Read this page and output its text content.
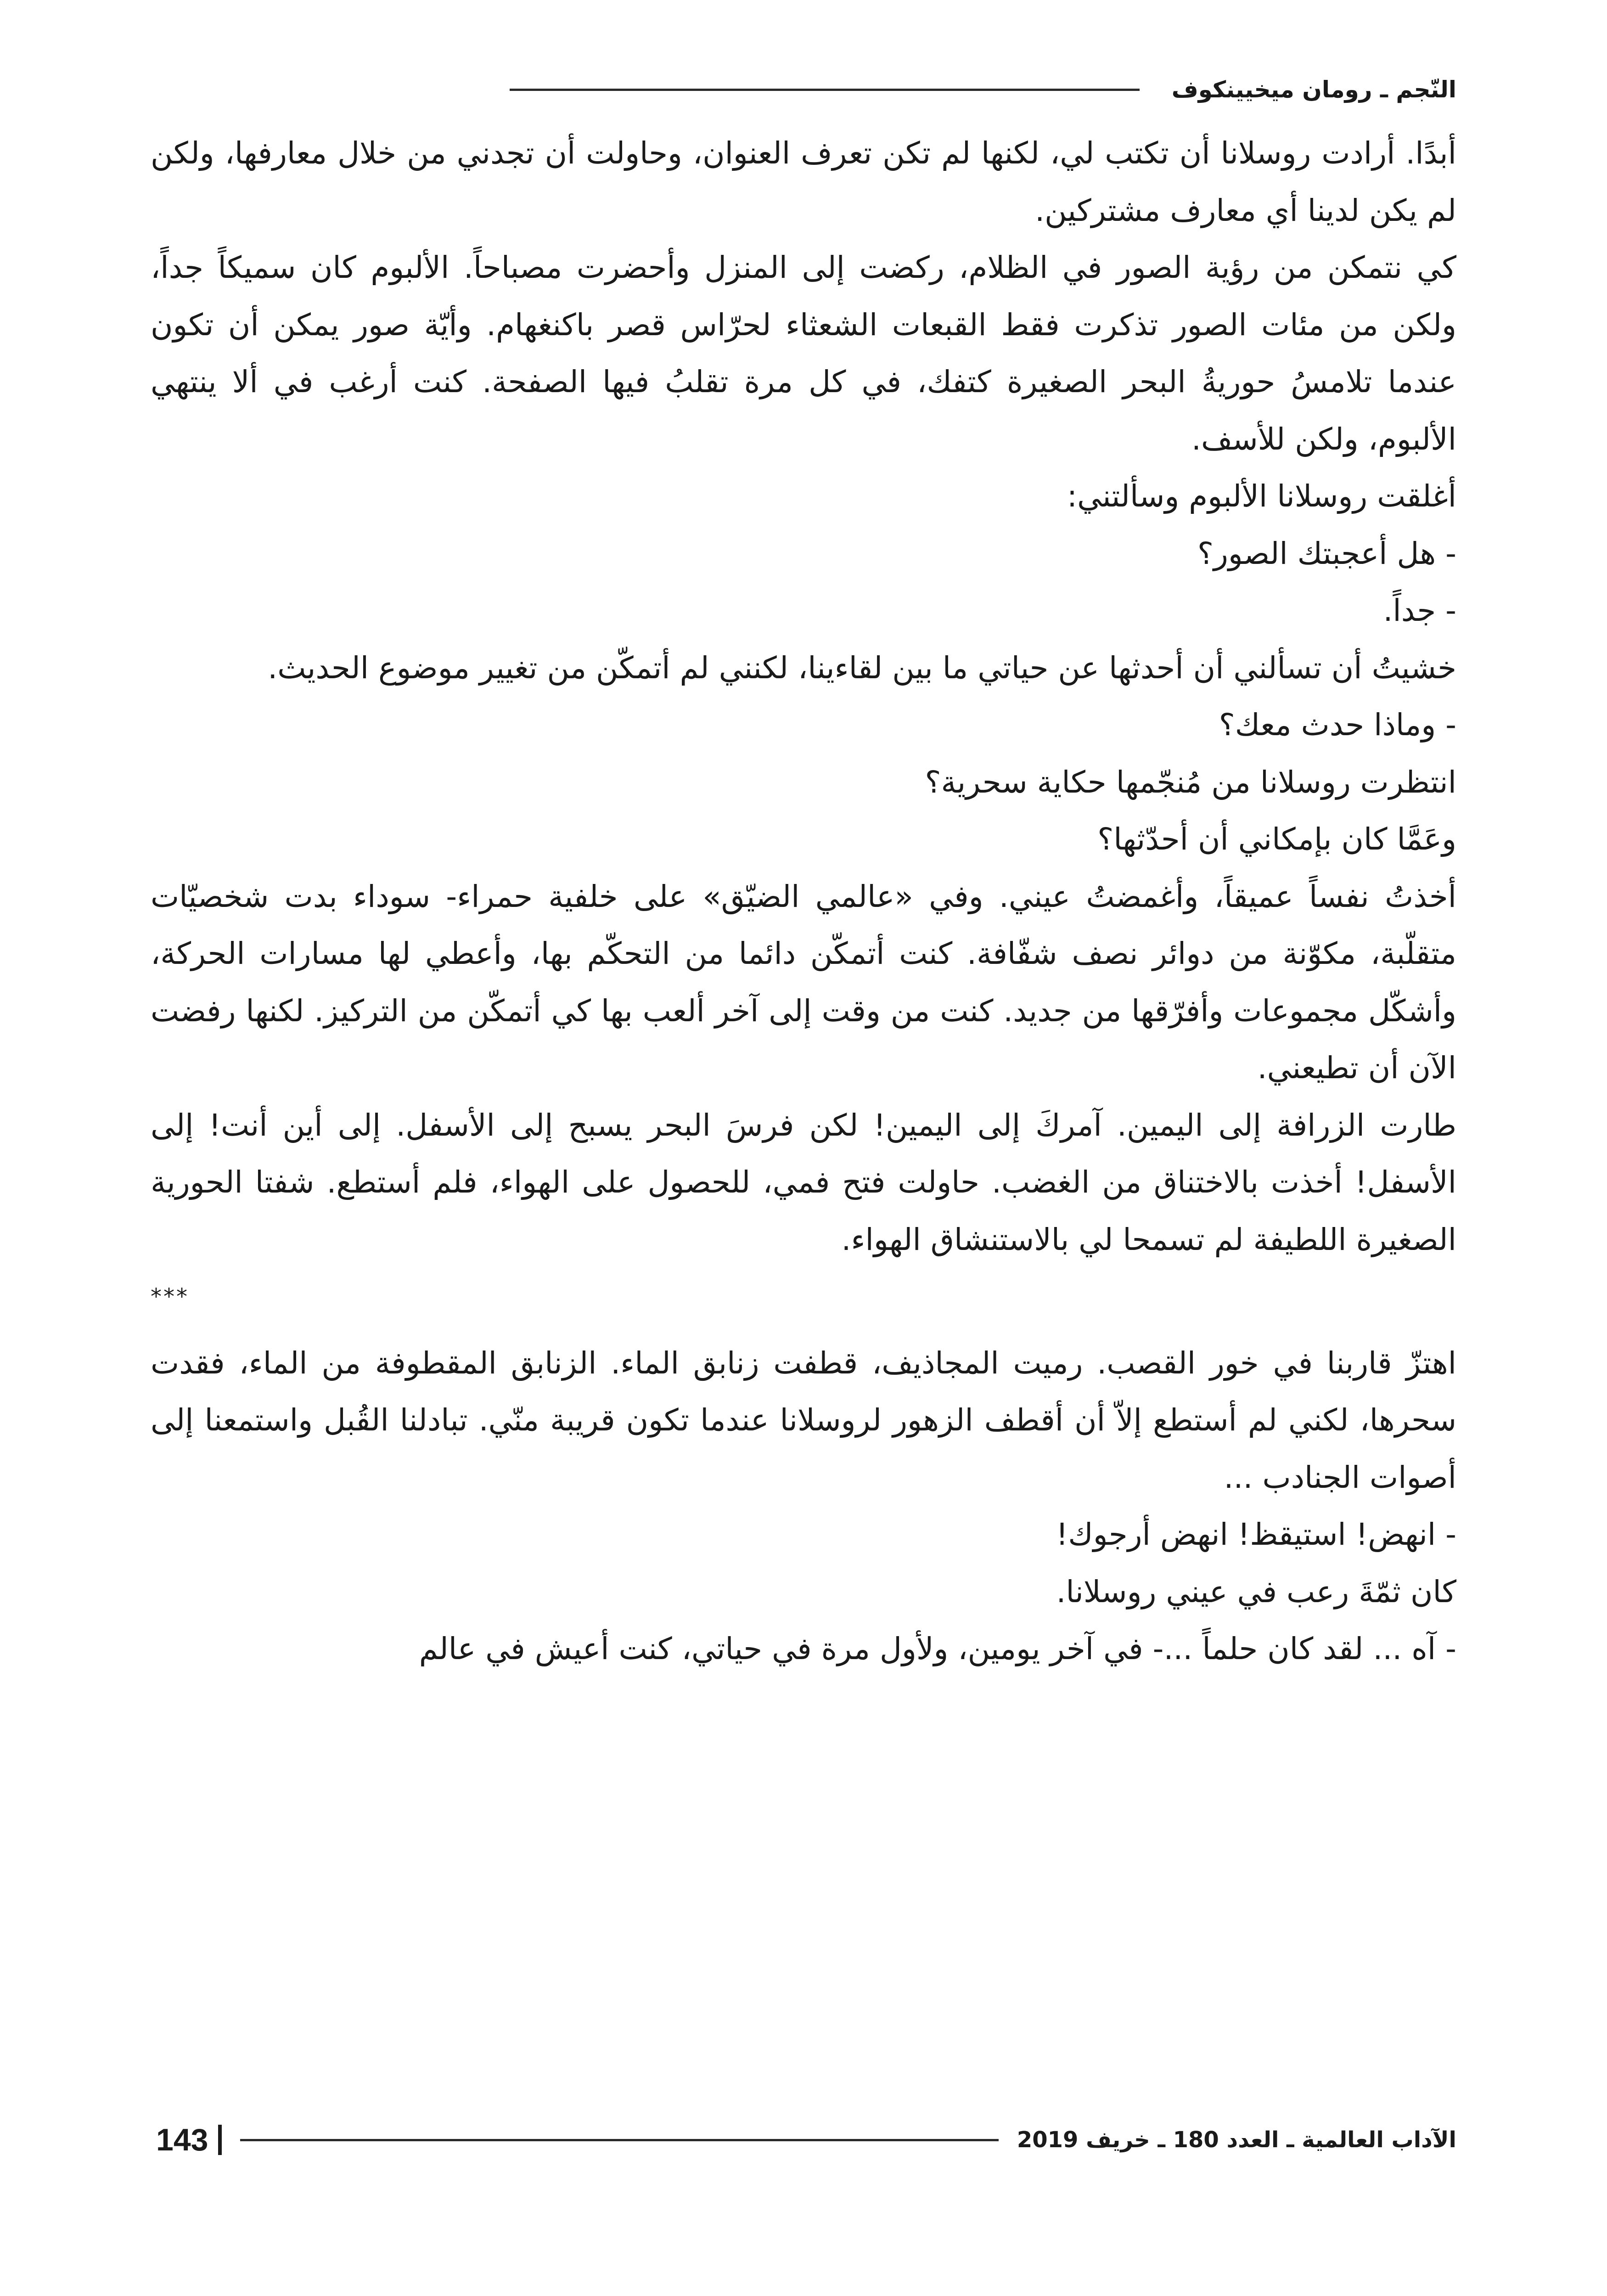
النّجم ـ رومان ميخيينكوف

أبدًا. أرادت روسلانا أن تكتب لي، لكنها لم تكن تعرف العنوان، وحاولت أن تجدني من خلال معارفها، ولكن لم يكن لدينا أي معارف مشتركين.

كي نتمكن من رؤية الصور في الظلام، ركضت إلى المنزل وأحضرت مصباحاً. الألبوم كان سميكاً جداً، ولكن من مئات الصور تذكرت فقط القبعات الشعثاء لحرّاس قصر باكنغهام. وأيّة صور يمكن أن تكون عندما تلامسُ حوريةُ البحر الصغيرة كتفك، في كل مرة تقلبُ فيها الصفحة. كنت أرغب في ألا ينتهي الألبوم، ولكن للأسف.

أغلقت روسلانا الألبوم وسألتني:

- هل أعجبتك الصور؟

- جداً.

خشيتُ أن تسألني أن أحدثها عن حياتي ما بين لقاءينا، لكنني لم أتمكّن من تغيير موضوع الحديث.

- وماذا حدث معك؟

انتظرت روسلانا من مُنجّمها حكاية سحرية؟

وعَمَّا كان بإمكاني أن أحدّثها؟

أخذتُ نفساً عميقاً، وأغمضتُ عيني. وفي «عالمي الضيّق» على خلفية حمراء- سوداء بدت شخصيّات متقلّبة، مكوّنة من دوائر نصف شفّافة. كنت أتمكّن دائما من التحكّم بها، وأعطي لها مسارات الحركة، وأشكّل مجموعات وأفرّقها من جديد. كنت من وقت إلى آخر ألعب بها كي أتمكّن من التركيز. لكنها رفضت الآن أن تطيعني.

طارت الزرافة إلى اليمين. آمركَ إلى اليمين! لكن فرسَ البحر يسبح إلى الأسفل. إلى أين أنت! إلى الأسفل! أخذت بالاختناق من الغضب. حاولت فتح فمي، للحصول على الهواء، فلم أستطع. شفتا الحورية الصغيرة اللطيفة لم تسمحا لي بالاستنشاق الهواء.

***

اهتزّ قاربنا في خور القصب. رميت المجاذيف، قطفت زنابق الماء. الزنابق المقطوفة من الماء، فقدت سحرها، لكني لم أستطع إلاّ أن أقطف الزهور لروسلانا عندما تكون قريبة منّي. تبادلنا القُبل واستمعنا إلى أصوات الجنادب ...

- انهض! استيقظ! انهض أرجوك!

كان ثمّةَ رعب في عيني روسلانا.

- آه ... لقد كان حلماً ...- في آخر يومين، ولأول مرة في حياتي، كنت أعيش في عالم

الآداب العالمية ـ العدد 180 ـ خريف 2019
143
